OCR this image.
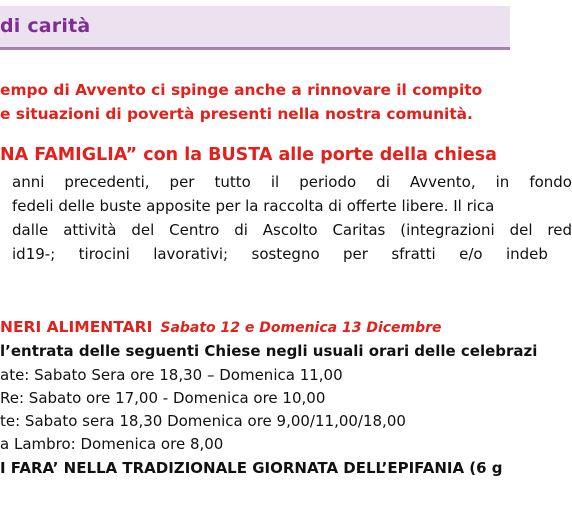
di carità
empo di Avvento ci spinge anche a rinnovare il compito
e situazioni di povertà presenti nella nostra comunità.
NA FAMIGLIA” con la BUSTA alle porte della chiesa
anni precedenti, per tutto il periodo di Avvento, in fondo
fedeli delle buste apposite per la raccolta di offerte libere. Il rica
dalle attività del Centro di Ascolto Caritas (integrazioni del red
id19-; tirocini lavorativi; sostegno per sfratti e/o indeb
NERI ALIMENTARI Sabato 12 e Domenica 13 Dicembre
l’entrata delle seguenti Chiese negli usuali orari delle celebrazi
ate: Sabato Sera ore 18,30 – Domenica 11,00
Re: Sabato ore 17,00 - Domenica ore 10,00
te: Sabato sera 18,30 Domenica ore 9,00/11,00/18,00
a Lambro: Domenica ore 8,00
I FARA’ NELLA TRADIZIONALE GIORNATA DELL’EPIFANIA (6 g
